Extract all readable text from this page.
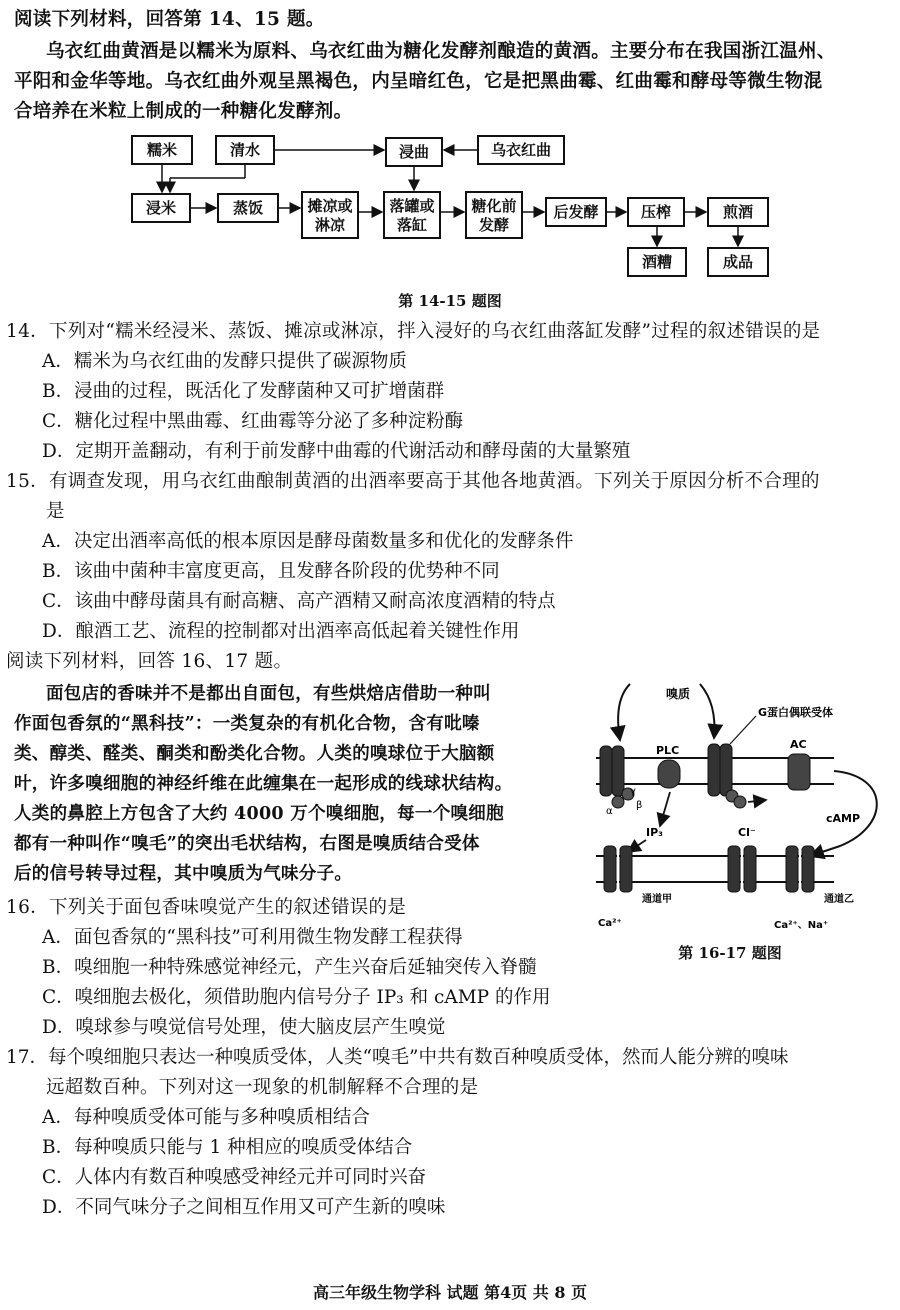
阅读下列材料，回答第 14、15 题。
乌衣红曲黄酒是以糯米为原料、乌衣红曲为糖化发酵剂酿造的黄酒。主要分布在我国浙江温州、
平阳和金华等地。乌衣红曲外观呈黑褐色，内呈暗红色，它是把黑曲霉、红曲霉和酵母等微生物混
合培养在米粒上制成的一种糖化发酵剂。
糯米	清水	浸曲	乌衣红曲
浸米	蒸饭	摊凉或
淋凉
落罐或
落缸
糖化前
发酵
后发酵	压榨	煎酒
酒糟	成品
第 14-15 题图
14．下列对“糯米经浸米、蒸饭、摊凉或淋凉，拌入浸好的乌衣红曲落缸发酵”过程的叙述错误的是
A．糯米为乌衣红曲的发酵只提供了碳源物质
B．浸曲的过程，既活化了发酵菌种又可扩增菌群
C．糖化过程中黑曲霉、红曲霉等分泌了多种淀粉酶
D．定期开盖翻动，有利于前发酵中曲霉的代谢活动和酵母菌的大量繁殖
15．有调查发现，用乌衣红曲酿制黄酒的出酒率要高于其他各地黄酒。下列关于原因分析不合理的
是
A．决定出酒率高低的根本原因是酵母菌数量多和优化的发酵条件
B．该曲中菌种丰富度更高，且发酵各阶段的优势种不同
C．该曲中酵母菌具有耐高糖、高产酒精又耐高浓度酒精的特点
D．酿酒工艺、流程的控制都对出酒率高低起着关键性作用
阅读下列材料，回答 16、17 题。
面包店的香味并不是都出自面包，有些烘焙店借助一种叫
作面包香氛的“黑科技”：一类复杂的有机化合物，含有吡嗪
类、醇类、醛类、酮类和酚类化合物。人类的嗅球位于大脑额
叶，许多嗅细胞的神经纤维在此缠集在一起形成的线球状结构。
人类的鼻腔上方包含了大约 4000 万个嗅细胞，每一个嗅细胞
都有一种叫作“嗅毛”的突出毛状结构，右图是嗅质结合受体
后的信号转导过程，其中嗅质为气味分子。
嗅质
G蛋白偶联受体
γ
α
β
PLC	AC
cAMP
IP₃
通道甲
Ca²⁺
Cl⁻
通道乙
Ca²⁺、Na⁺
第 16-17 题图
16．下列关于面包香味嗅觉产生的叙述错误的是
A．面包香氛的“黑科技”可利用微生物发酵工程获得
B．嗅细胞一种特殊感觉神经元，产生兴奋后延轴突传入脊髓
C．嗅细胞去极化，须借助胞内信号分子 IP₃ 和 cAMP 的作用
D．嗅球参与嗅觉信号处理，使大脑皮层产生嗅觉
17．每个嗅细胞只表达一种嗅质受体，人类“嗅毛”中共有数百种嗅质受体，然而人能分辨的嗅味
远超数百种。下列对这一现象的机制解释不合理的是
A．每种嗅质受体可能与多种嗅质相结合
B．每种嗅质只能与 1 种相应的嗅质受体结合
C．人体内有数百种嗅感受神经元并可同时兴奋
D．不同气味分子之间相互作用又可产生新的嗅味
高三年级生物学科 试题 第4页 共 8 页
